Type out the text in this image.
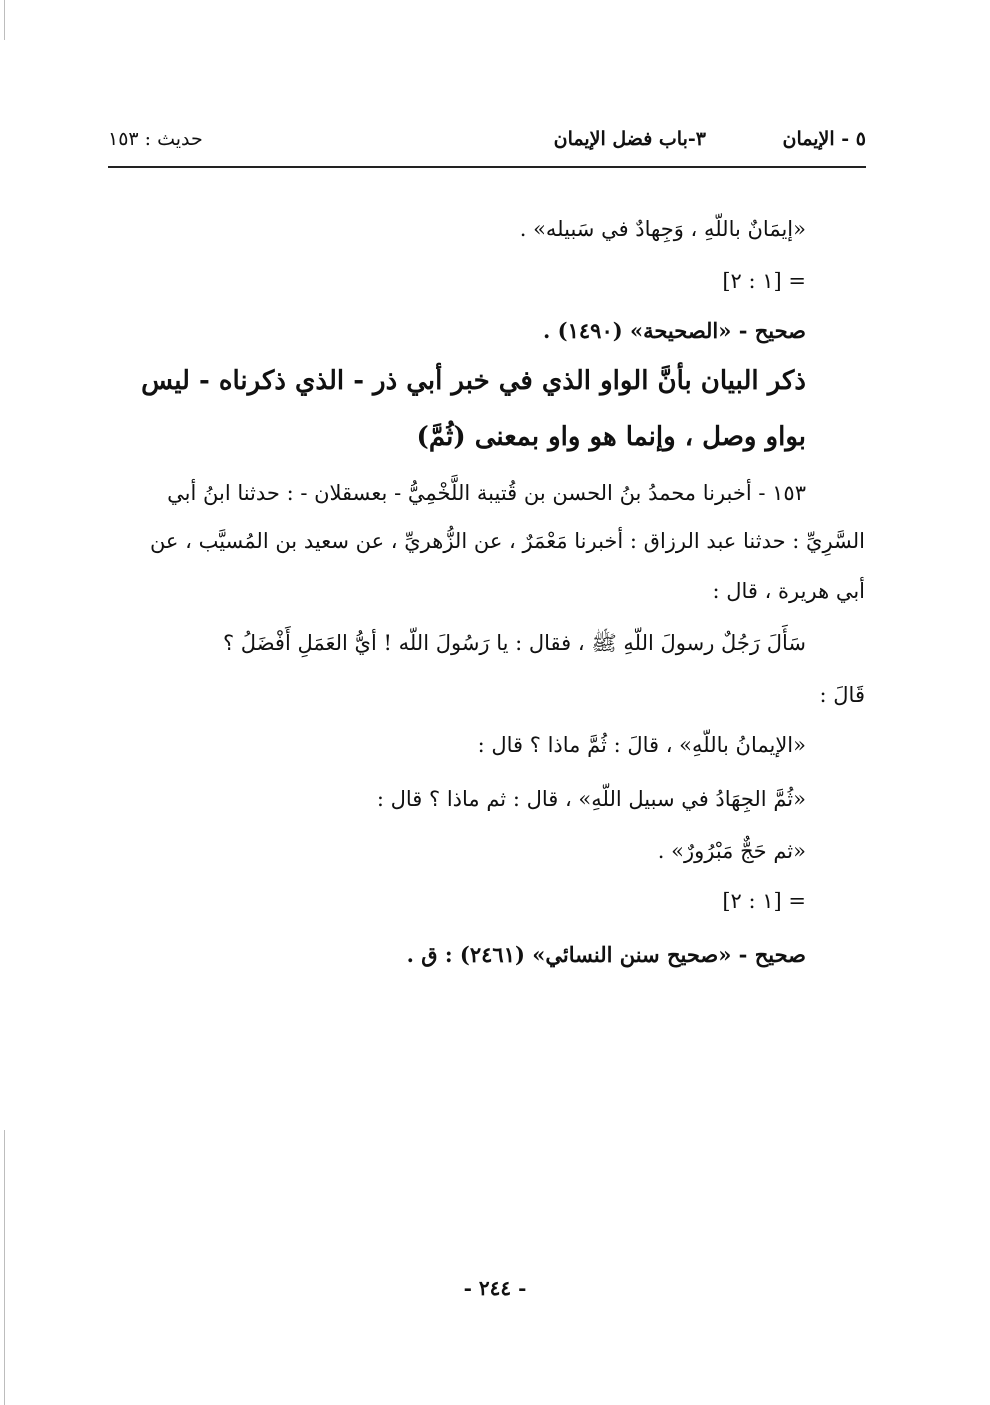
٥ - الإيمان
٣-باب فضل الإيمان
حديث : ١٥٣
«إيمَانٌ باللّهِ ، وَجِهادٌ في سَبيله» .
= [١ : ٢]
صحيح - «الصحيحة» (١٤٩٠) .
ذكر البيان بأنَّ الواو الذي في خبر أبي ذر - الذي ذكرناه - ليس
بواو وصل ، وإنما هو واو بمعنى (ثُمَّ)
١٥٣ - أخبرنا محمدُ بنُ الحسن بن قُتيبة اللَّخْمِيُّ - بعسقلان - : حدثنا ابنُ أبي
السَّرِيِّ : حدثنا عبد الرزاق : أخبرنا مَعْمَرٌ ، عن الزُّهريِّ ، عن سعيد بن المُسيَّب ، عن
أبي هريرة ، قال :
سَأَلَ رَجُلٌ رسولَ اللّهِ ﷺ ، فقال : يا رَسُولَ اللّه ! أيُّ العَمَلِ أَفْضَلُ ؟
قَالَ :
«الإيمانُ باللّهِ» ، قالَ : ثُمَّ ماذا ؟ قال :
«ثُمَّ الجِهَادُ في سبيل اللّهِ» ، قال : ثم ماذا ؟ قال :
«ثم حَجٌّ مَبْرُورٌ» .
= [١ : ٢]
صحيح - «صحيح سنن النسائي» (٢٤٦١) : ق .
- ٢٤٤ -
